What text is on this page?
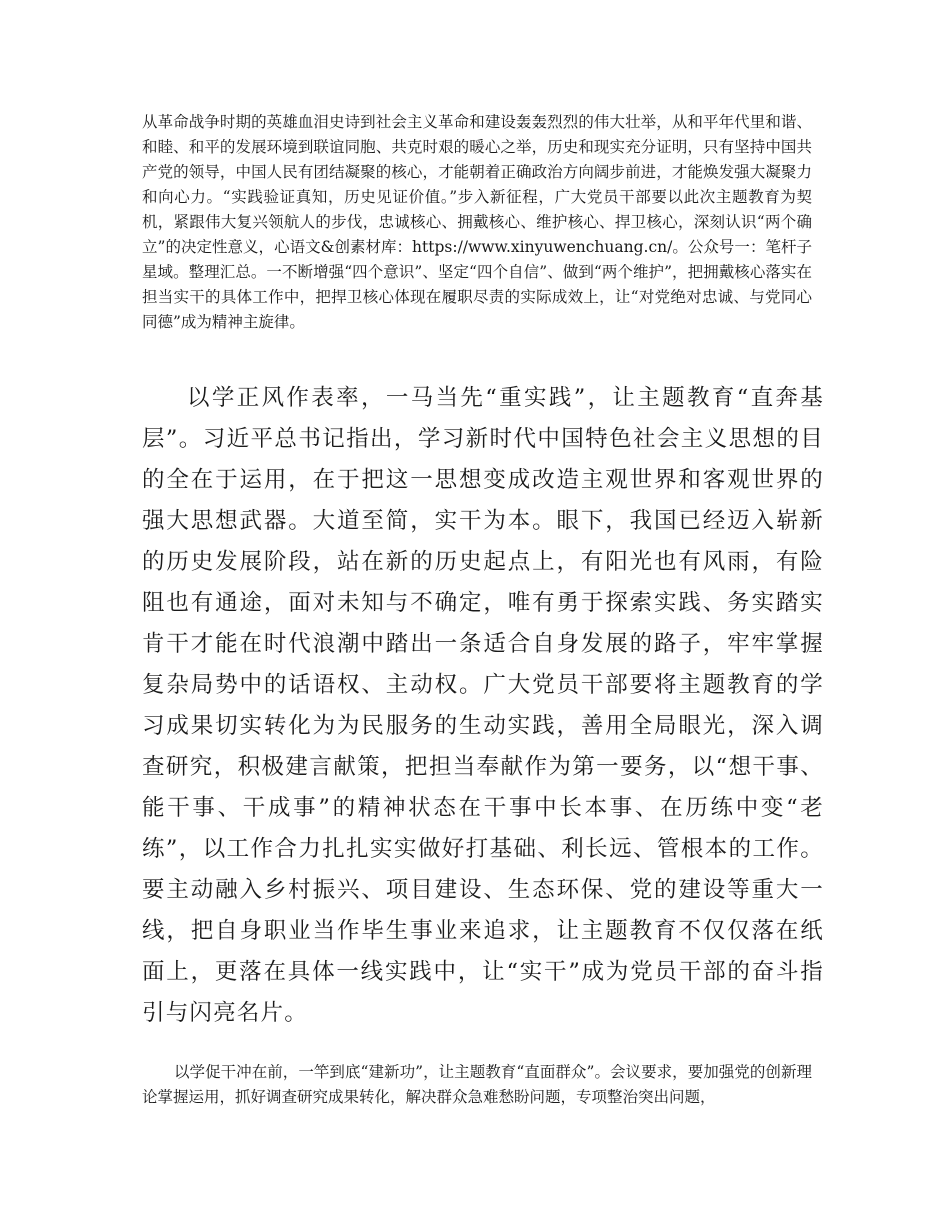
从革命战争时期的英雄血泪史诗到社会主义革命和建设轰轰烈烈的伟大壮举，从和平年代里和谐、和睦、和平的发展环境到联谊同胞、共克时艰的暖心之举，历史和现实充分证明，只有坚持中国共产党的领导，中国人民有团结凝聚的核心，才能朝着正确政治方向阔步前进，才能焕发强大凝聚力和向心力。“实践验证真知，历史见证价值。”步入新征程，广大党员干部要以此次主题教育为契机，紧跟伟大复兴领航人的步伐，忠诚核心、拥戴核心、维护核心、捍卫核心，深刻认识“两个确立”的决定性意义，心语文&创素材库：https://www.xinyuwenchuang.cn/。公众号一：笔杆子星域。整理汇总。一不断增强“四个意识”、坚定“四个自信”、做到“两个维护”，把拥戴核心落实在担当实干的具体工作中，把捍卫核心体现在履职尽责的实际成效上，让“对党绝对忠诚、与党同心同德”成为精神主旋律。

以学正风作表率，一马当先“重实践”，让主题教育“直奔基层”。习近平总书记指出，学习新时代中国特色社会主义思想的目的全在于运用，在于把这一思想变成改造主观世界和客观世界的强大思想武器。大道至简，实干为本。眼下，我国已经迈入崭新的历史发展阶段，站在新的历史起点上，有阳光也有风雨，有险阻也有通途，面对未知与不确定，唯有勇于探索实践、务实踏实肯干才能在时代浪潮中踏出一条适合自身发展的路子，牢牢掌握复杂局势中的话语权、主动权。广大党员干部要将主题教育的学习成果切实转化为为民服务的生动实践，善用全局眼光，深入调查研究，积极建言献策，把担当奉献作为第一要务，以“想干事、能干事、干成事”的精神状态在干事中长本事、在历练中变“老练”，以工作合力扎扎实实做好打基础、利长远、管根本的工作。要主动融入乡村振兴、项目建设、生态环保、党的建设等重大一线，把自身职业当作毕生事业来追求，让主题教育不仅仅落在纸面上，更落在具体一线实践中，让“实干”成为党员干部的奋斗指引与闪亮名片。

以学促干冲在前，一竿到底“建新功”，让主题教育“直面群众”。会议要求，要加强党的创新理论掌握运用，抓好调查研究成果转化，解决群众急难愁盼问题，专项整治突出问题，
